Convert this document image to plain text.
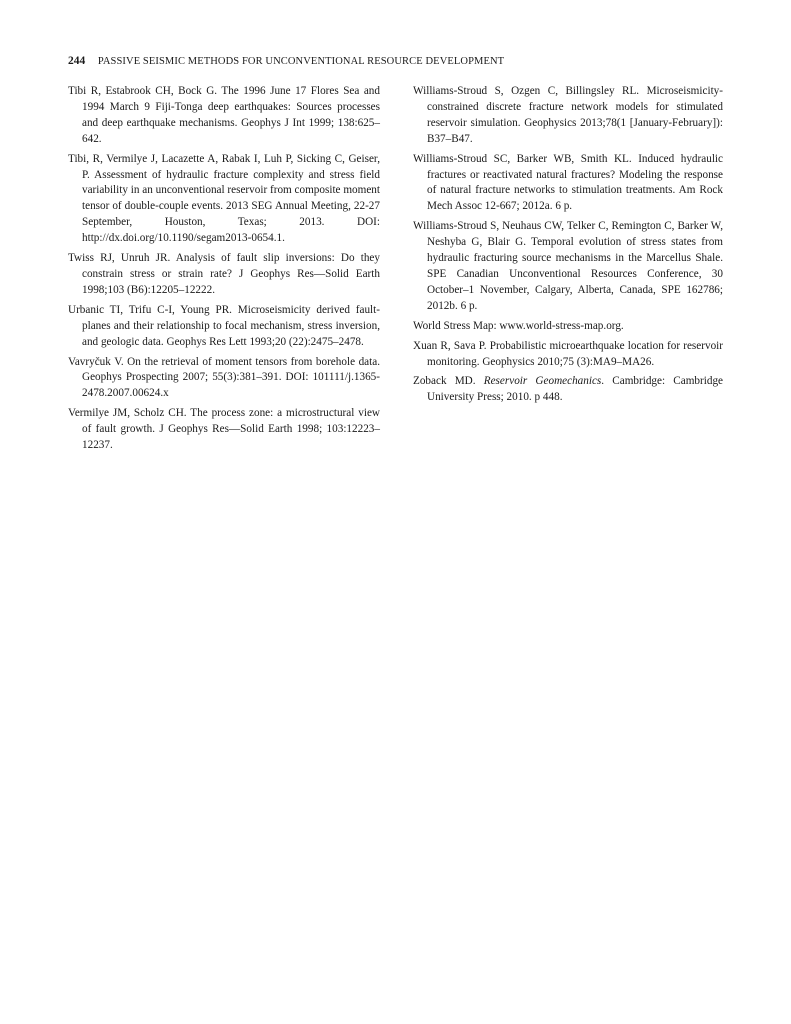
244 PASSIVE SEISMIC METHODS FOR UNCONVENTIONAL RESOURCE DEVELOPMENT

Tibi R, Estabrook CH, Bock G. The 1996 June 17 Flores Sea and 1994 March 9 Fiji-Tonga deep earthquakes: Sources processes and deep earthquake mechanisms. Geophys J Int 1999; 138:625–642.

Tibi, R, Vermilye J, Lacazette A, Rabak I, Luh P, Sicking C, Geiser, P. Assessment of hydraulic fracture complexity and stress field variability in an unconventional reservoir from composite moment tensor of double-couple events. 2013 SEG Annual Meeting, 22-27 September, Houston, Texas; 2013. DOI: http://dx.doi.org/10.1190/segam2013-0654.1.

Twiss RJ, Unruh JR. Analysis of fault slip inversions: Do they constrain stress or strain rate? J Geophys Res—Solid Earth 1998;103 (B6):12205–12222.

Urbanic TI, Trifu C-I, Young PR. Microseismicity derived fault-planes and their relationship to focal mechanism, stress inversion, and geologic data. Geophys Res Lett 1993;20 (22):2475–2478.

Vavryčuk V. On the retrieval of moment tensors from borehole data. Geophys Prospecting 2007; 55(3):381–391. DOI: 101111/j.1365-2478.2007.00624.x

Vermilye JM, Scholz CH. The process zone: a microstructural view of fault growth. J Geophys Res—Solid Earth 1998; 103:12223–12237.

Williams-Stroud S, Ozgen C, Billingsley RL. Microseismicity-constrained discrete fracture network models for stimulated reservoir simulation. Geophysics 2013;78(1 [January-February]): B37–B47.

Williams-Stroud SC, Barker WB, Smith KL. Induced hydraulic fractures or reactivated natural fractures? Modeling the response of natural fracture networks to stimulation treatments. Am Rock Mech Assoc 12-667; 2012a. 6 p.

Williams-Stroud S, Neuhaus CW, Telker C, Remington C, Barker W, Neshyba G, Blair G. Temporal evolution of stress states from hydraulic fracturing source mechanisms in the Marcellus Shale. SPE Canadian Unconventional Resources Conference, 30 October–1 November, Calgary, Alberta, Canada, SPE 162786; 2012b. 6 p.

World Stress Map: www.world-stress-map.org.

Xuan R, Sava P. Probabilistic microearthquake location for reservoir monitoring. Geophysics 2010;75 (3):MA9–MA26.

Zoback MD. Reservoir Geomechanics. Cambridge: Cambridge University Press; 2010. p 448.
